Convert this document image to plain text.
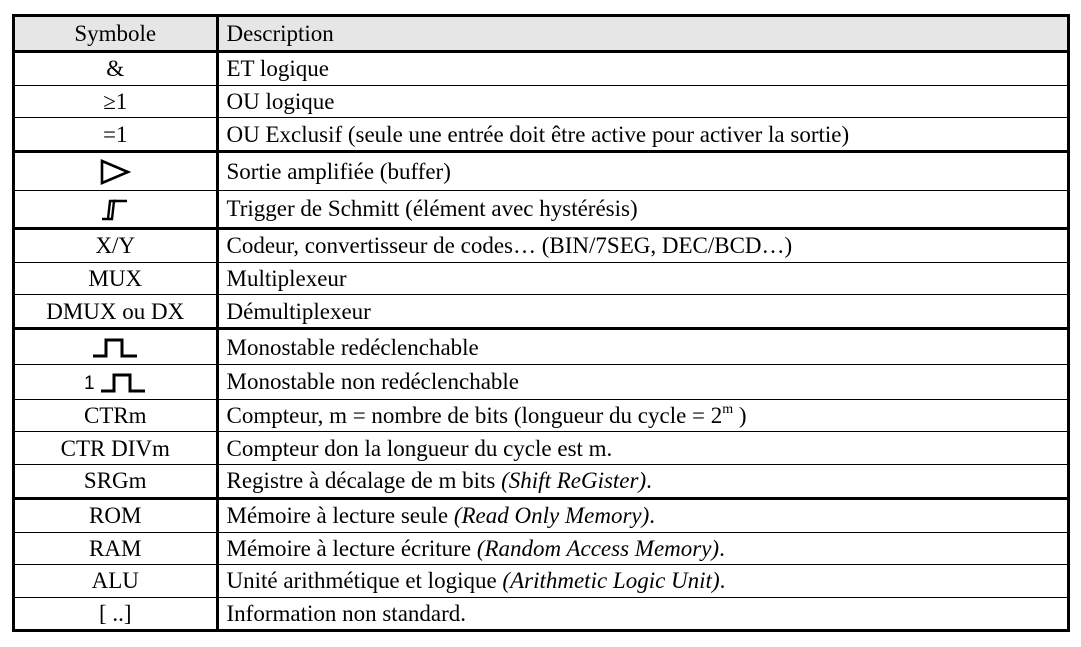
Symbole	Description
&	ET logique
≥1	OU logique
=1	OU Exclusif (seule une entrée doit être active pour activer la sortie)
	Sortie amplifiée (buffer)
	Trigger de Schmitt (élément avec hystérésis)
X/Y	Codeur, convertisseur de codes… (BIN/7SEG, DEC/BCD…)
MUX	Multiplexeur
DMUX ou DX	Démultiplexeur
	Monostable redéclenchable

1	Monostable non redéclenchable
CTRm	Compteur, m = nombre de bits (longueur du cycle = $2^m$ )
CTR DIVm	Compteur don la longueur du cycle est m.
SRGm	Registre à décalage de m bits (Shift ReGister).
ROM	Mémoire à lecture seule (Read Only Memory).
RAM	Mémoire à lecture écriture (Random Access Memory).
ALU	Unité arithmétique et logique (Arithmetic Logic Unit).
[ ..]	Information non standard.
